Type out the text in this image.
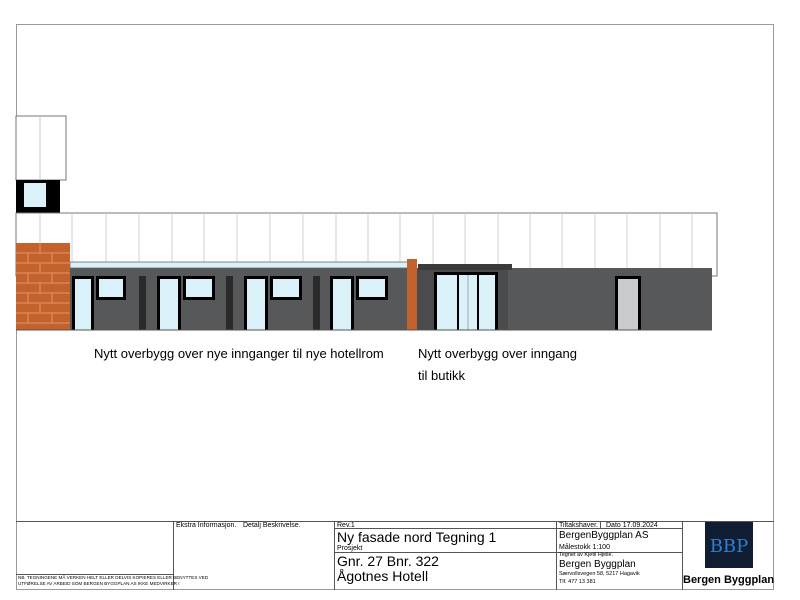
Nytt overbygg over nye innganger til nye hotellrom	Nytt overbygg over inngang
til butikk
Ekstra Informasjon. Detalj Beskrivelse.	Rev.1
Ny fasade nord Tegning 1
Prosjekt
Gnr. 27 Bnr. 322
Ågotnes Hotell
Tiltakshaver. Dato 17.09.2024
BergenByggplan AS
Målestokk 1:100
Tegnet av Kjetil Hjelle.
Bergen Byggplan
Særvollsvegen 58, 5217 Hagavik
Tlf. 477 13 381
NB. TEGNINGENE MÅ VERKEN HELT ELLER DELVIS KOPIERES ELLER BENYTTES VED
UTFØRELSE AV ARBEID SOM BERGEN BYGGPLAN AS IKKE MEDVIRKER !
BBP
Bergen Byggplan
